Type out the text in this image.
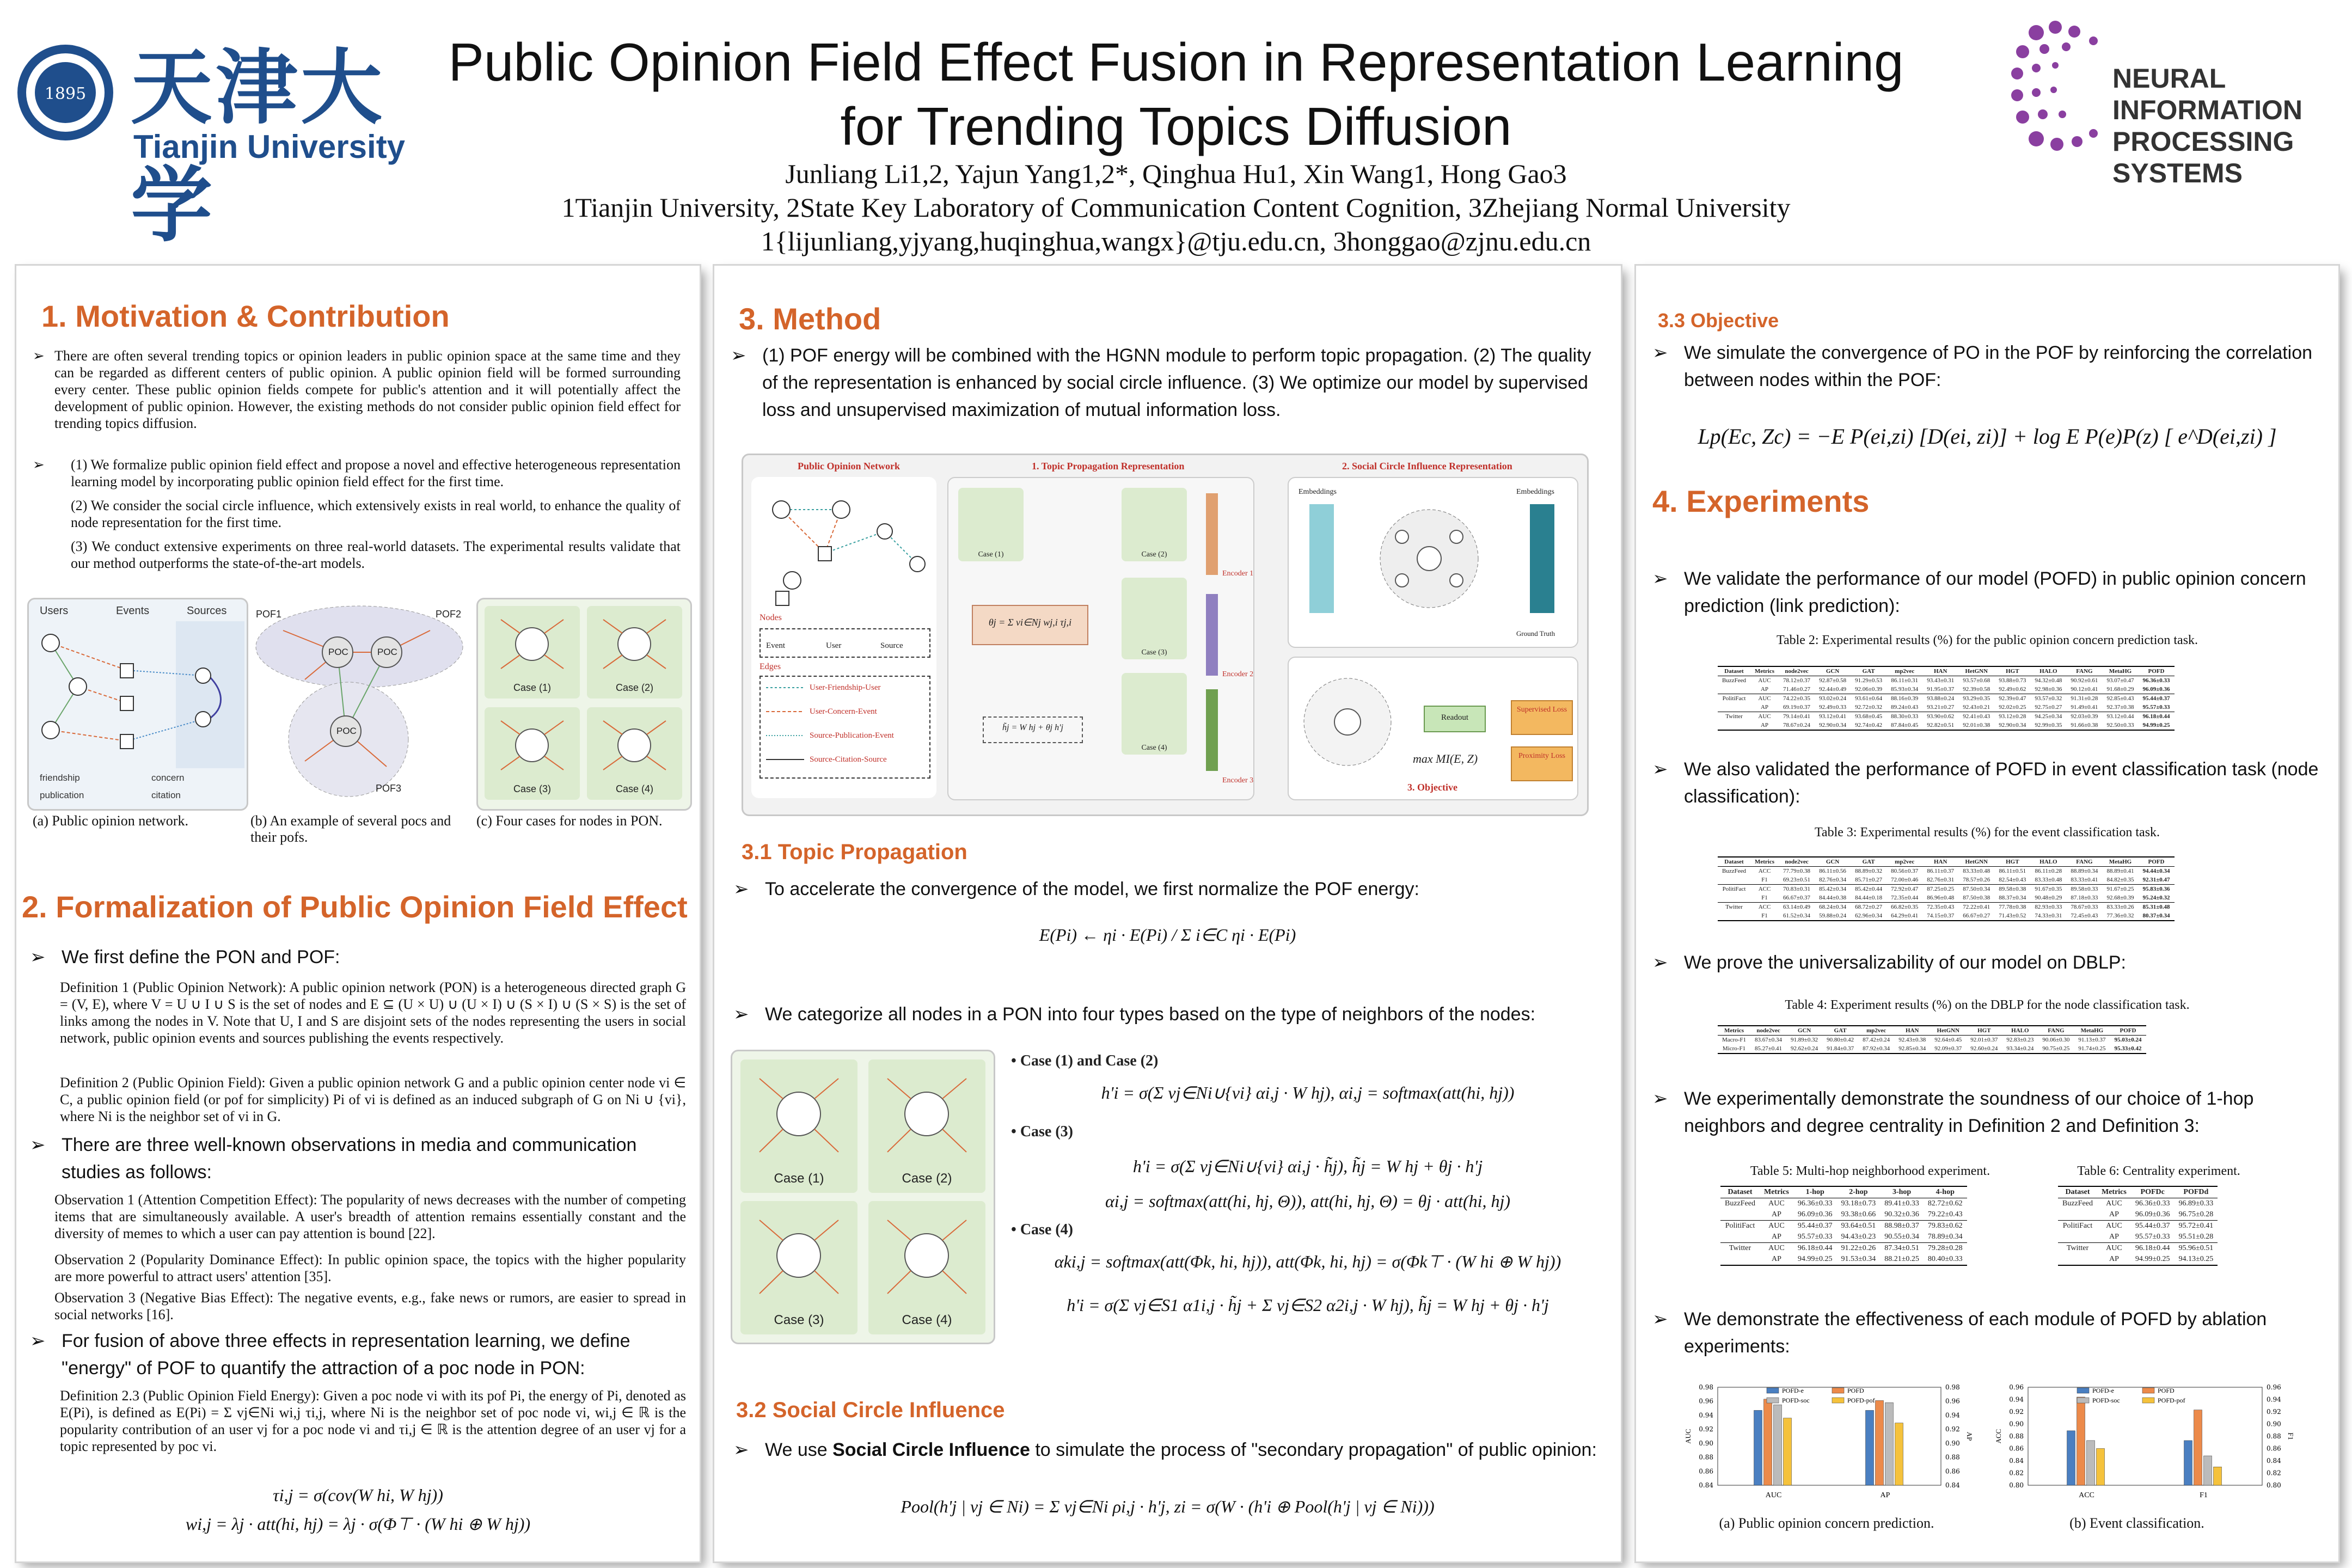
1895 天津大学
Tianjin University
NEURAL INFORMATION PROCESSING SYSTEMS
Public Opinion Field Effect Fusion in Representation Learning for Trending Topics Diffusion
Junliang Li1,2, Yajun Yang1,2*, Qinghua Hu1, Xin Wang1, Hong Gao3
1Tianjin University, 2State Key Laboratory of Communication Content Cognition, 3Zhejiang Normal University
1{lijunliang,yjyang,huqinghua,wangx}@tju.edu.cn, 3honggao@zjnu.edu.cn
1. Motivation & Contribution
➢ There are often several trending topics or opinion leaders in public opinion space at the same time and they can be regarded as different centers of public opinion. A public opinion field will be formed surrounding every center. These public opinion fields compete for public's attention and it will potentially affect the development of public opinion. However, the existing methods do not consider public opinion field effect for trending topics diffusion.
➢ (1) We formalize public opinion field effect and propose a novel and effective heterogeneous representation learning model by incorporating public opinion field effect for the first time.
(2) We consider the social circle influence, which extensively exists in real world, to enhance the quality of node representation for the first time.
(3) We conduct extensive experiments on three real-world datasets. The experimental results validate that our method outperforms the state-of-the-art models.
Users	Events	Sources
friendship	concern
publication	citation
(a) Public opinion network.
POF1	POF2
POF3
POC	POC
POC
(b) An example of several pocs and their pofs.
Case (1)	Case (2)
Case (3)	Case (4)
(c) Four cases for nodes in PON.
2. Formalization of Public Opinion Field Effect
➢ We first define the PON and POF:
Definition 1 (Public Opinion Network): A public opinion network (PON) is a heterogeneous directed graph G = (V, E), where V = U ∪ I ∪ S is the set of nodes and E ⊆ (U × U) ∪ (U × I) ∪ (S × I) ∪ (S × S) is the set of links among the nodes in V. Note that U, I and S are disjoint sets of the nodes representing the users in social network, public opinion events and sources publishing the events respectively.
Definition 2 (Public Opinion Field): Given a public opinion network G and a public opinion center node vi ∈ C, a public opinion field (or pof for simplicity) Pi of vi is defined as an induced subgraph of G on Ni ∪ {vi}, where Ni is the neighbor set of vi in G.
➢ There are three well-known observations in media and communication studies as follows:
Observation 1 (Attention Competition Effect): The popularity of news decreases with the number of competing items that are simultaneously available. A user's breadth of attention remains essentially constant and the diversity of memes to which a user can pay attention is bound [22].
Observation 2 (Popularity Dominance Effect): In public opinion space, the topics with the higher popularity are more powerful to attract users' attention [35].
Observation 3 (Negative Bias Effect): The negative events, e.g., fake news or rumors, are easier to spread in social networks [16].
➢ For fusion of above three effects in representation learning, we define "energy" of POF to quantify the attraction of a poc node in PON:
Definition 2.3 (Public Opinion Field Energy): Given a poc node vi with its pof Pi, the energy of Pi, denoted as E(Pi), is defined as E(Pi) = Σ vj∈Ni wi,j τi,j, where Ni is the neighbor set of poc node vi, wi,j ∈ ℝ is the popularity contribution of an user vj for a poc node vi and τi,j ∈ ℝ is the attention degree of an user vj for a topic represented by poc vi.
τi,j = σ(cov(W hi, W hj))
wi,j = λj · att(hi, hj) = λj · σ(Φ⊤ · (W hi ⊕ W hj))
3. Method
➢ (1) POF energy will be combined with the HGNN module to perform topic propagation. (2) The quality of the representation is enhanced by social circle influence. (3) We optimize our model by supervised loss and unsupervised maximization of mutual information loss.
Public Opinion Network	1. Topic Propagation Representation	2. Social Circle Influence Representation
3. Objective
Nodes
Event	User	Source
Edges
User-Friendship-User
User-Concern-Event
Source-Publication-Event
Source-Citation-Source
Case (1)	Case (2)
Case (3)
Case (4)
θj = Σ vi∈Nj wj,i τj,i
h̃j = W hj + θj h'j
Encoder 1
Encoder 2
Encoder 3
Embeddings	Embeddings
Ground Truth
Readout
Supervised Loss
Proximity Loss
max MI(E, Z)
3.1 Topic Propagation
➢ To accelerate the convergence of the model, we first normalize the POF energy:
E(Pi) ← ηi · E(Pi) / Σ i∈C ηi · E(Pi)
➢ We categorize all nodes in a PON into four types based on the type of neighbors of the nodes:
Case (1)	Case (2)
Case (3)	Case (4)
• Case (1) and Case (2)
h'i = σ(Σ vj∈Ni∪{vi} αi,j · W hj), αi,j = softmax(att(hi, hj))
• Case (3)
h'i = σ(Σ vj∈Ni∪{vi} αi,j · h̃j), h̃j = W hj + θj · h'j
αi,j = softmax(att(hi, hj, Θ)), att(hi, hj, Θ) = θj · att(hi, hj)
• Case (4)
αki,j = softmax(att(Φk, hi, hj)), att(Φk, hi, hj) = σ(Φk⊤ · (W hi ⊕ W hj))
h'i = σ(Σ vj∈S1 α1i,j · h̃j + Σ vj∈S2 α2i,j · W hj), h̃j = W hj + θj · h'j
3.2 Social Circle Influence
➢ We use Social Circle Influence to simulate the process of "secondary propagation" of public opinion:
Pool(h'j | vj ∈ Ni) = Σ vj∈Ni ρi,j · h'j, zi = σ(W · (h'i ⊕ Pool(h'j | vj ∈ Ni)))
3.3 Objective
➢ We simulate the convergence of PO in the POF by reinforcing the correlation between nodes within the POF:
Lp(Ec, Zc) = −E P(ei,zi) [D(ei, zi)] + log E P(e)P(z) [ e^D(ei,zi) ]
4. Experiments
➢ We validate the performance of our model (POFD) in public opinion concern prediction (link prediction):
Table 2: Experimental results (%) for the public opinion concern prediction task.
Dataset	Metrics	node2vec	GCN	GAT	mp2vec	HAN	HetGNN	HGT	HALO	FANG	MetaHG	POFD
BuzzFeed	AUC	78.12±0.37	92.87±0.58	91.29±0.53	86.11±0.31	93.43±0.31	93.57±0.68	93.88±0.73	94.32±0.48	90.92±0.61	93.07±0.47	96.36±0.33
	AP	71.46±0.27	92.44±0.49	92.06±0.39	85.93±0.34	91.95±0.37	92.39±0.58	92.49±0.62	92.98±0.36	90.12±0.41	91.68±0.29	96.09±0.36
PolitiFact	AUC	74.22±0.35	93.02±0.24	93.61±0.64	88.16±0.39	93.88±0.24	93.29±0.35	92.39±0.47	93.57±0.32	91.31±0.28	92.85±0.43	95.44±0.37
	AP	69.19±0.37	92.49±0.33	92.72±0.32	89.24±0.43	93.21±0.27	92.43±0.21	92.02±0.25	92.75±0.27	91.49±0.41	92.37±0.38	95.57±0.33
Twitter	AUC	79.14±0.41	93.12±0.41	93.68±0.45	88.30±0.33	93.90±0.62	92.41±0.43	93.12±0.28	94.25±0.34	92.03±0.39	93.12±0.44	96.18±0.44
	AP	78.67±0.24	92.90±0.34	92.74±0.42	87.84±0.45	92.82±0.51	92.01±0.38	92.90±0.34	92.99±0.35	91.66±0.38	92.50±0.33	94.99±0.25
➢ We also validated the performance of POFD in event classification task (node classification):
Table 3: Experimental results (%) for the event classification task.
Dataset	Metrics	node2vec	GCN	GAT	mp2vec	HAN	HetGNN	HGT	HALO	FANG	MetaHG	POFD
BuzzFeed	ACC	77.79±0.38	86.11±0.56	88.89±0.32	80.56±0.37	86.11±0.37	83.33±0.48	86.11±0.51	86.11±0.28	88.89±0.34	88.89±0.41	94.44±0.34
	F1	69.23±0.51	82.76±0.34	85.71±0.27	72.00±0.46	82.76±0.31	78.57±0.26	82.54±0.43	83.33±0.48	83.33±0.41	84.82±0.35	92.31±0.47
PolitiFact	ACC	70.83±0.31	85.42±0.34	85.42±0.44	72.92±0.47	87.25±0.25	87.50±0.34	89.58±0.38	91.67±0.35	89.58±0.33	91.67±0.25	95.83±0.36
	F1	66.67±0.37	84.44±0.38	84.44±0.18	72.35±0.44	86.96±0.48	87.50±0.38	88.37±0.34	90.48±0.29	87.18±0.33	92.68±0.39	95.24±0.32
Twitter	ACC	63.14±0.49	68.24±0.34	68.72±0.27	66.82±0.35	72.35±0.43	72.22±0.41	77.78±0.38	82.93±0.33	78.67±0.33	83.33±0.26	85.31±0.48
	F1	61.52±0.34	59.88±0.24	62.96±0.34	64.29±0.41	74.15±0.37	66.67±0.27	71.43±0.52	74.33±0.31	72.45±0.43	77.36±0.32	80.37±0.34
➢ We prove the universalizability of our model on DBLP:
Table 4: Experiment results (%) on the DBLP for the node classification task.
Metrics	node2vec	GCN	GAT	mp2vec	HAN	HetGNN	HGT	HALO	FANG	MetaHG	POFD
Macro-F1	83.67±0.34	91.89±0.32	90.80±0.42	87.42±0.24	92.43±0.38	92.64±0.45	92.01±0.37	92.83±0.23	90.06±0.30	91.13±0.37	95.03±0.24
Micro-F1	85.27±0.41	92.62±0.24	91.84±0.37	87.92±0.34	92.85±0.34	92.09±0.37	92.60±0.24	93.34±0.24	90.75±0.25	91.74±0.25	95.33±0.42
➢ We experimentally demonstrate the soundness of our choice of 1-hop neighbors and degree centrality in Definition 2 and Definition 3:
Table 5: Multi-hop neighborhood experiment.
Dataset	Metrics	1-hop	2-hop	3-hop	4-hop
BuzzFeed	AUC	96.36±0.33	93.18±0.73	89.41±0.33	82.72±0.62
	AP	96.09±0.36	93.38±0.66	90.32±0.36	79.22±0.43
PolitiFact	AUC	95.44±0.37	93.64±0.51	88.98±0.37	79.83±0.62
	AP	95.57±0.33	94.43±0.23	90.55±0.34	78.89±0.34
Twitter	AUC	96.18±0.44	91.22±0.26	87.34±0.51	79.28±0.28
	AP	94.99±0.25	91.53±0.34	88.21±0.25	80.40±0.33
Table 6: Centrality experiment.
Dataset	Metrics	POFDc	POFDd
BuzzFeed	AUC	96.36±0.33	96.89±0.33
	AP	96.09±0.36	96.75±0.28
PolitiFact	AUC	95.44±0.37	95.72±0.41
	AP	95.57±0.33	95.51±0.28
Twitter	AUC	96.18±0.44	95.96±0.51
	AP	94.99±0.25	94.13±0.25
➢ We demonstrate the effectiveness of each module of POFD by ablation experiments:
0.84	0.84
0.86	0.86
0.88	0.88
0.90	0.90
0.92	0.92
0.94	0.94
0.96	0.96
0.98	0.98
AUC	AP
AUC	AP
POFD-e	POFD
POFD-soc	POFD-pof
0.80	0.80
0.82	0.82
0.84	0.84
0.86	0.86
0.88	0.88
0.90	0.90
0.92	0.92
0.94	0.94
0.96	0.96
ACC	F1
ACC	F1
POFD-e	POFD
POFD-soc	POFD-pof
(a) Public opinion concern prediction.	(b) Event classification.
